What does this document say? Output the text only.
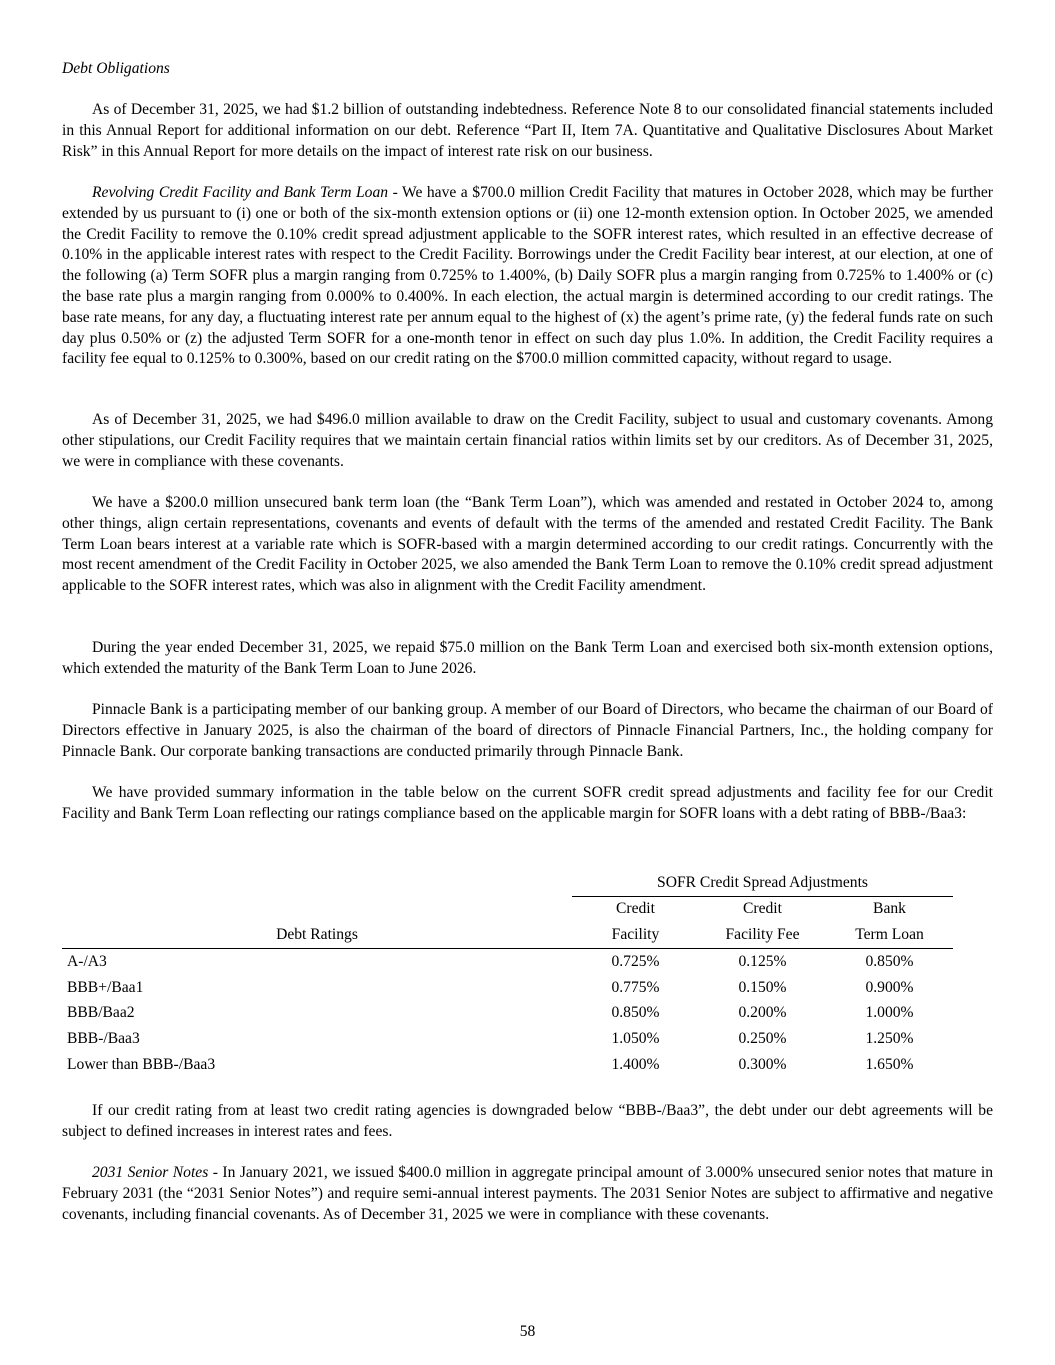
Debt Obligations

As of December 31, 2025, we had $1.2 billion of outstanding indebtedness. Reference Note 8 to our consolidated financial statements included in this Annual Report for additional information on our debt. Reference “Part II, Item 7A. Quantitative and Qualitative Disclosures About Market Risk” in this Annual Report for more details on the impact of interest rate risk on our business.

Revolving Credit Facility and Bank Term Loan - We have a $700.0 million Credit Facility that matures in October 2028, which may be further extended by us pursuant to (i) one or both of the six-month extension options or (ii) one 12-month extension option. In October 2025, we amended the Credit Facility to remove the 0.10% credit spread adjustment applicable to the SOFR interest rates, which resulted in an effective decrease of 0.10% in the applicable interest rates with respect to the Credit Facility. Borrowings under the Credit Facility bear interest, at our election, at one of the following (a) Term SOFR plus a margin ranging from 0.725% to 1.400%, (b) Daily SOFR plus a margin ranging from 0.725% to 1.400% or (c) the base rate plus a margin ranging from 0.000% to 0.400%. In each election, the actual margin is determined according to our credit ratings. The base rate means, for any day, a fluctuating interest rate per annum equal to the highest of (x) the agent’s prime rate, (y) the federal funds rate on such day plus 0.50% or (z) the adjusted Term SOFR for a one-month tenor in effect on such day plus 1.0%. In addition, the Credit Facility requires a facility fee equal to 0.125% to 0.300%, based on our credit rating on the $700.0 million committed capacity, without regard to usage.

As of December 31, 2025, we had $496.0 million available to draw on the Credit Facility, subject to usual and customary covenants. Among other stipulations, our Credit Facility requires that we maintain certain financial ratios within limits set by our creditors. As of December 31, 2025, we were in compliance with these covenants.

We have a $200.0 million unsecured bank term loan (the “Bank Term Loan”), which was amended and restated in October 2024 to, among other things, align certain representations, covenants and events of default with the terms of the amended and restated Credit Facility. The Bank Term Loan bears interest at a variable rate which is SOFR-based with a margin determined according to our credit ratings. Concurrently with the most recent amendment of the Credit Facility in October 2025, we also amended the Bank Term Loan to remove the 0.10% credit spread adjustment applicable to the SOFR interest rates, which was also in alignment with the Credit Facility amendment.

During the year ended December 31, 2025, we repaid $75.0 million on the Bank Term Loan and exercised both six-month extension options, which extended the maturity of the Bank Term Loan to June 2026.

Pinnacle Bank is a participating member of our banking group. A member of our Board of Directors, who became the chairman of our Board of Directors effective in January 2025, is also the chairman of the board of directors of Pinnacle Financial Partners, Inc., the holding company for Pinnacle Bank. Our corporate banking transactions are conducted primarily through Pinnacle Bank.

We have provided summary information in the table below on the current SOFR credit spread adjustments and facility fee for our Credit Facility and Bank Term Loan reflecting our ratings compliance based on the applicable margin for SOFR loans with a debt rating of BBB-/Baa3:

	SOFR Credit Spread Adjustments		
	Credit	Credit	Bank
Debt Ratings	Facility	Facility Fee	Term Loan
A-/A3	0.725%	0.125%	0.850%
BBB+/Baa1	0.775%	0.150%	0.900%
BBB/Baa2	0.850%	0.200%	1.000%
BBB-/Baa3	1.050%	0.250%	1.250%
Lower than BBB-/Baa3	1.400%	0.300%	1.650%

If our credit rating from at least two credit rating agencies is downgraded below “BBB-/Baa3”, the debt under our debt agreements will be subject to defined increases in interest rates and fees.

2031 Senior Notes - In January 2021, we issued $400.0 million in aggregate principal amount of 3.000% unsecured senior notes that mature in February 2031 (the “2031 Senior Notes”) and require semi-annual interest payments. The 2031 Senior Notes are subject to affirmative and negative covenants, including financial covenants. As of December 31, 2025 we were in compliance with these covenants.

58
